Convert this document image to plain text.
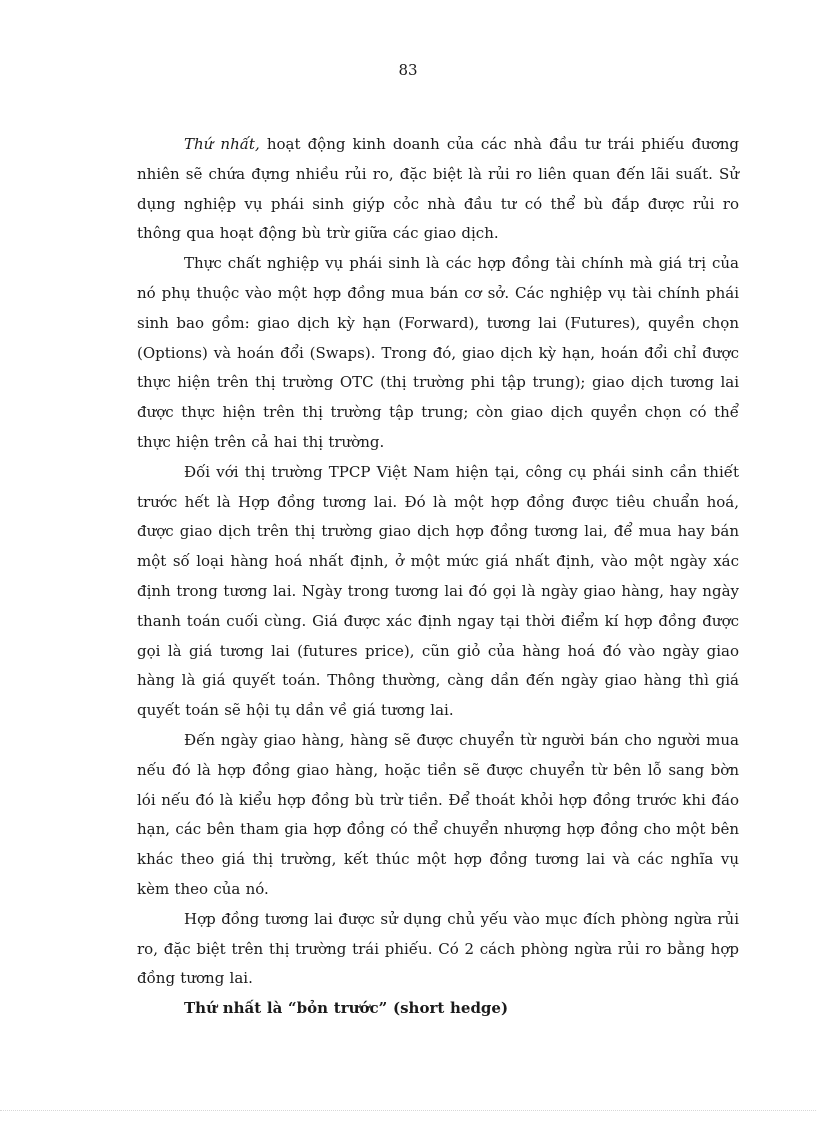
83

Thứ nhất, hoạt động kinh doanh của các nhà đầu tư trái phiếu đương nhiên sẽ chứa đựng nhiều rủi ro, đặc biệt là rủi ro liên quan đến lãi suất. Sử dụng nghiệp vụ phái sinh giýp cỏc nhà đầu tư có thể bù đắp được rủi ro thông qua hoạt động bù trừ giữa các giao dịch.

Thực chất nghiệp vụ phái sinh là các hợp đồng tài chính mà giá trị của nó phụ thuộc vào một hợp đồng mua bán cơ sở. Các nghiệp vụ tài chính phái sinh bao gồm: giao dịch kỳ hạn (Forward), tương lai (Futures), quyền chọn (Options) và hoán đổi (Swaps). Trong đó, giao dịch kỳ hạn, hoán đổi chỉ được thực hiện trên thị trường OTC (thị trường phi tập trung); giao dịch tương lai được thực hiện trên thị trường tập trung; còn giao dịch quyền chọn có thể thực hiện trên cả hai thị trường.

Đối với thị trường TPCP Việt Nam hiện tại, công cụ phái sinh cần thiết trước hết là Hợp đồng tương lai. Đó là một hợp đồng được tiêu chuẩn hoá, được giao dịch trên thị trường giao dịch hợp đồng tương lai, để mua hay bán một số loại hàng hoá nhất định, ở một mức giá nhất định, vào một ngày xác định trong tương lai. Ngày trong tương lai đó gọi là ngày giao hàng, hay ngày thanh toán cuối cùng. Giá được xác định ngay tại thời điểm kí hợp đồng được gọi là giá tương lai (futures price), cũn giỏ của hàng hoá đó vào ngày giao hàng là giá quyết toán. Thông thường, càng dần đến ngày giao hàng thì giá quyết toán sẽ hội tụ dần về giá tương lai.

Đến ngày giao hàng, hàng sẽ được chuyển từ người bán cho người mua nếu đó là hợp đồng giao hàng, hoặc tiền sẽ được chuyển từ bên lỗ sang bờn lói nếu đó là kiểu hợp đồng bù trừ tiền. Để thoát khỏi hợp đồng trước khi đáo hạn, các bên tham gia hợp đồng có thể chuyển nhượng hợp đồng cho một bên khác theo giá thị trường, kết thúc một hợp đồng tương lai và các nghĩa vụ kèm theo của nó.

Hợp đồng tương lai được sử dụng chủ yếu vào mục đích phòng ngừa rủi ro, đặc biệt trên thị trường trái phiếu. Có 2 cách phòng ngừa rủi ro bằng hợp đồng tương lai.

Thứ nhất là “bỏn trước” (short hedge)
